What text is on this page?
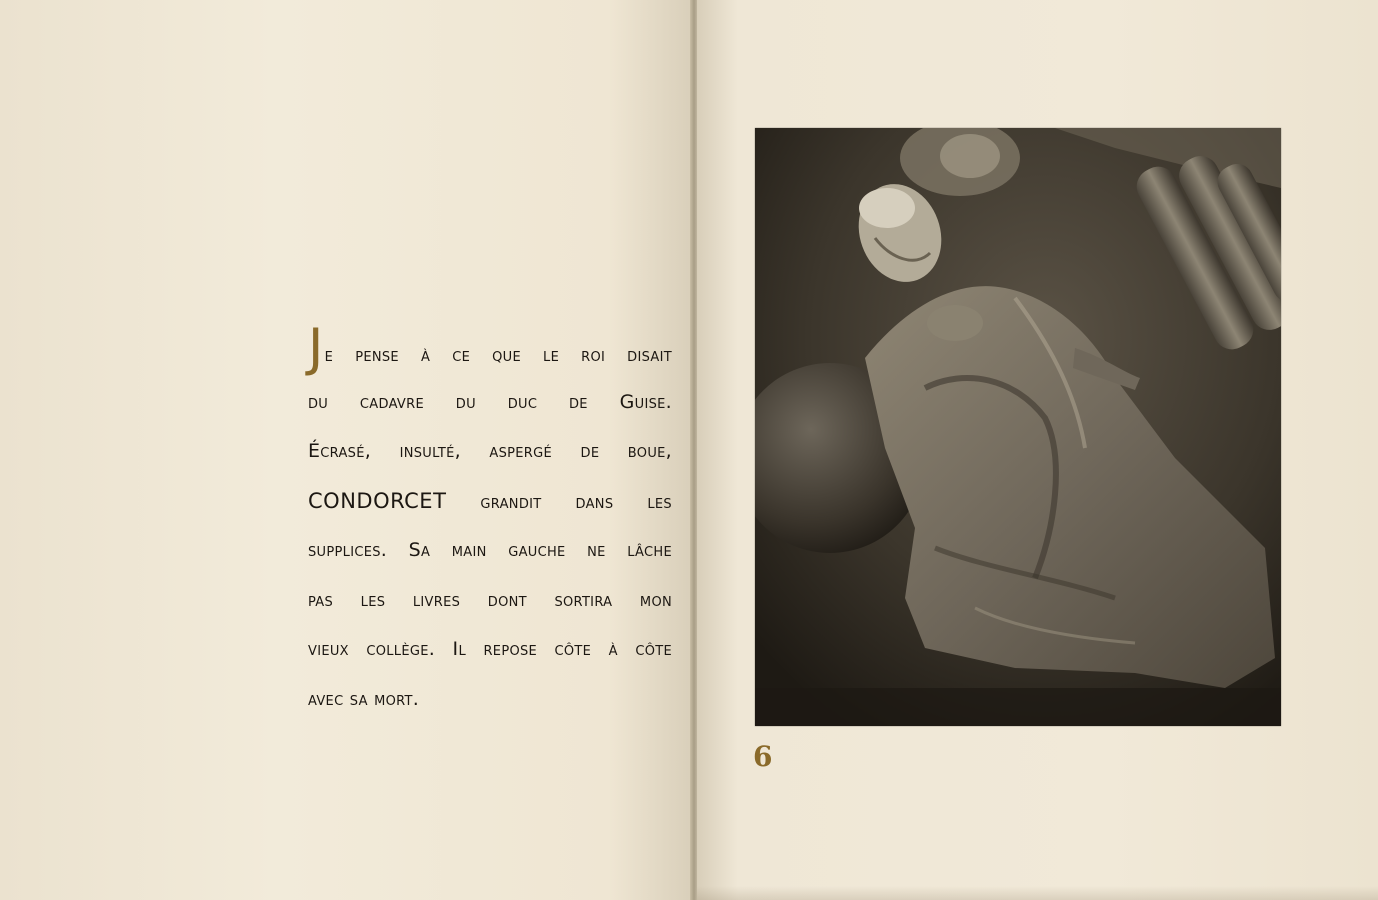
Je pense à ce que le roi disait
du cadavre du duc de Guise.
Écrasé, insulté, aspergé de boue,
CONDORCET grandit dans les
supplices. Sa main gauche ne lâche
pas les livres dont sortira mon
vieux collège. Il repose côte à côte
avec sa mort.
6
